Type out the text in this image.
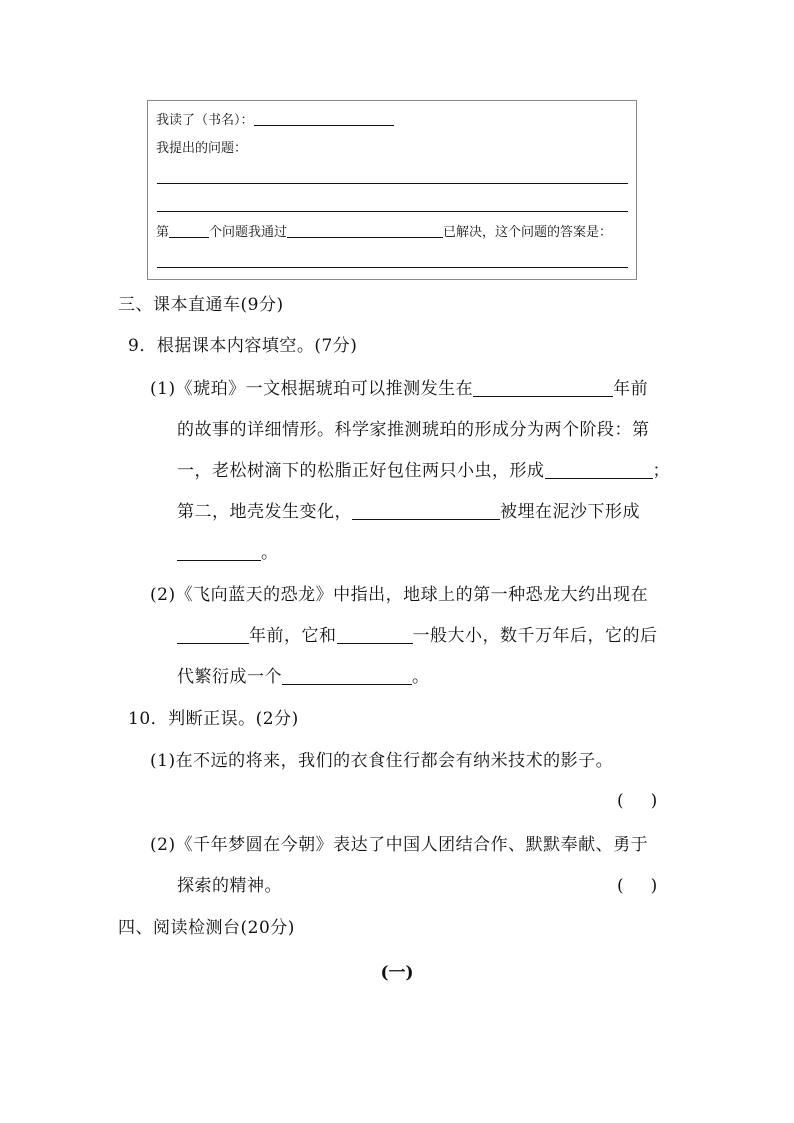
我读了（书名）：
我提出的问题：
第	个问题我通过	已解决，这个问题的答案是：
三、课本直通车(9分)
9．根据课本内容填空。(7分)
(1)《琥珀》一文根据琥珀可以推测发生在	年前
的故事的详细情形。科学家推测琥珀的形成分为两个阶段：第
一，老松树滴下的松脂正好包住两只小虫，形成	；
第二，地壳发生变化，	被埋在泥沙下形成
。
(2)《飞向蓝天的恐龙》中指出，地球上的第一种恐龙大约出现在
年前，它和	一般大小，数千万年后，它的后
代繁衍成一个	。
10．判断正误。(2分)
(1)在不远的将来，我们的衣食住行都会有纳米技术的影子。
(     )
(2)《千年梦圆在今朝》表达了中国人团结合作、默默奉献、勇于
探索的精神。	(     )
四、阅读检测台(20分)
(一)
